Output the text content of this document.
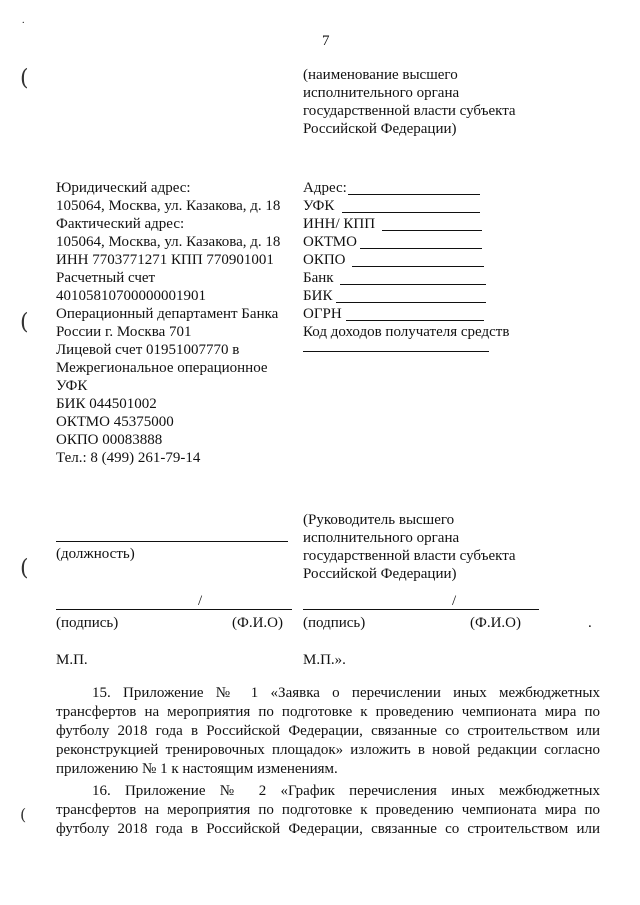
.
(
(
(
(
7
(наименование высшего
исполнительного органа
государственной власти субъекта
Российской Федерации)
Юридический адрес:
105064, Москва, ул. Казакова, д. 18
Фактический адрес:
105064, Москва, ул. Казакова, д. 18
ИНН 7703771271 КПП 770901001
Расчетный счет
40105810700000001901
Операционный департамент Банка
России г. Москва 701
Лицевой счет 01951007770 в
Межрегиональное операционное
УФК
БИК 044501002
ОКТМО 45375000
ОКПО 00083888
Тел.: 8 (499) 261-79-14
Адрес:
УФК
ИНН/ КПП
ОКТМО
ОКПО
Банк
БИК
ОГРН
Код доходов получателя средств
(Руководитель высшего
исполнительного органа
государственной власти субъекта
Российской Федерации)
(должность)
/
(подпись)	(Ф.И.О)
/
(подпись)	(Ф.И.О)	.
М.П.	М.П.».
15. Приложение № 1 «Заявка о перечислении иных межбюджетных
трансфертов на мероприятия по подготовке к проведению чемпионата мира по
футболу 2018 года в Российской Федерации, связанные со строительством или
реконструкцией тренировочных площадок» изложить в новой редакции согласно
приложению № 1 к настоящим изменениям.
16. Приложение № 2 «График перечисления иных межбюджетных
трансфертов на мероприятия по подготовке к проведению чемпионата мира по
футболу 2018 года в Российской Федерации, связанные со строительством или
